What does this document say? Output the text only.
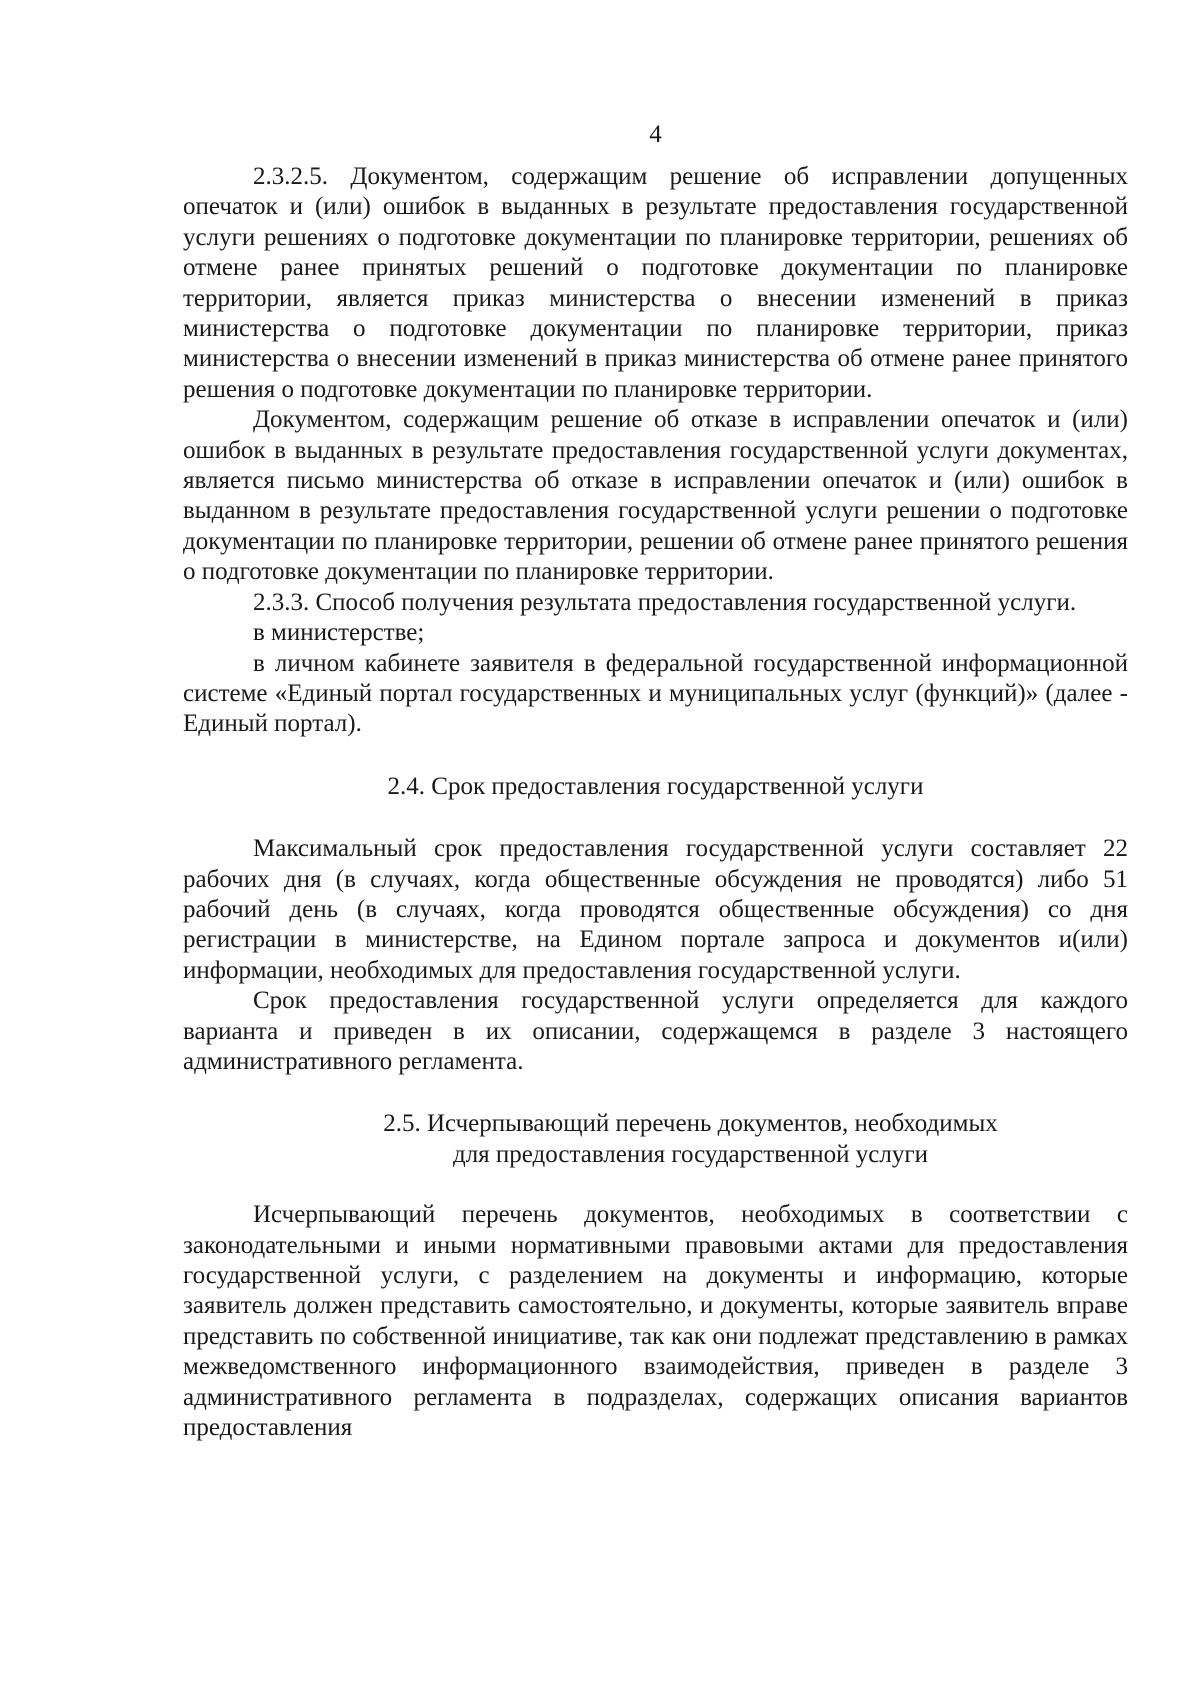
4

2.3.2.5. Документом, содержащим решение об исправлении допущенных опечаток и (или) ошибок в выданных в результате предоставления государственной услуги решениях о подготовке документации по планировке территории, решениях об отмене ранее принятых решений о подготовке документации по планировке территории, является приказ министерства о внесении изменений в приказ министерства о подготовке документации по планировке территории, приказ министерства о внесении изменений в приказ министерства об отмене ранее принятого решения о подготовке документации по планировке территории.

Документом, содержащим решение об отказе в исправлении опечаток и (или) ошибок в выданных в результате предоставления государственной услуги документах, является письмо министерства об отказе в исправлении опечаток и (или) ошибок в выданном в результате предоставления государственной услуги решении о подготовке документации по планировке территории, решении об отмене ранее принятого решения о подготовке документации по планировке территории.

2.3.3. Способ получения результата предоставления государственной услуги.

в министерстве;

в личном кабинете заявителя в федеральной государственной информационной системе «Единый портал государственных и муниципальных услуг (функций)» (далее - Единый портал).

2.4. Срок предоставления государственной услуги

Максимальный срок предоставления государственной услуги составляет 22 рабочих дня (в случаях, когда общественные обсуждения не проводятся) либо 51 рабочий день (в случаях, когда проводятся общественные обсуждения) со дня регистрации в министерстве, на Едином портале запроса и документов и(или) информации, необходимых для предоставления государственной услуги.

Срок предоставления государственной услуги определяется для каждого варианта и приведен в их описании, содержащемся в разделе 3 настоящего административного регламента.

2.5. Исчерпывающий перечень документов, необходимых
для предоставления государственной услуги

Исчерпывающий перечень документов, необходимых в соответствии с законодательными и иными нормативными правовыми актами для предоставления государственной услуги, с разделением на документы и информацию, которые заявитель должен представить самостоятельно, и документы, которые заявитель вправе представить по собственной инициативе, так как они подлежат представлению в рамках межведомственного информационного взаимодействия, приведен в разделе 3 административного регламента в подразделах, содержащих описания вариантов предоставления
